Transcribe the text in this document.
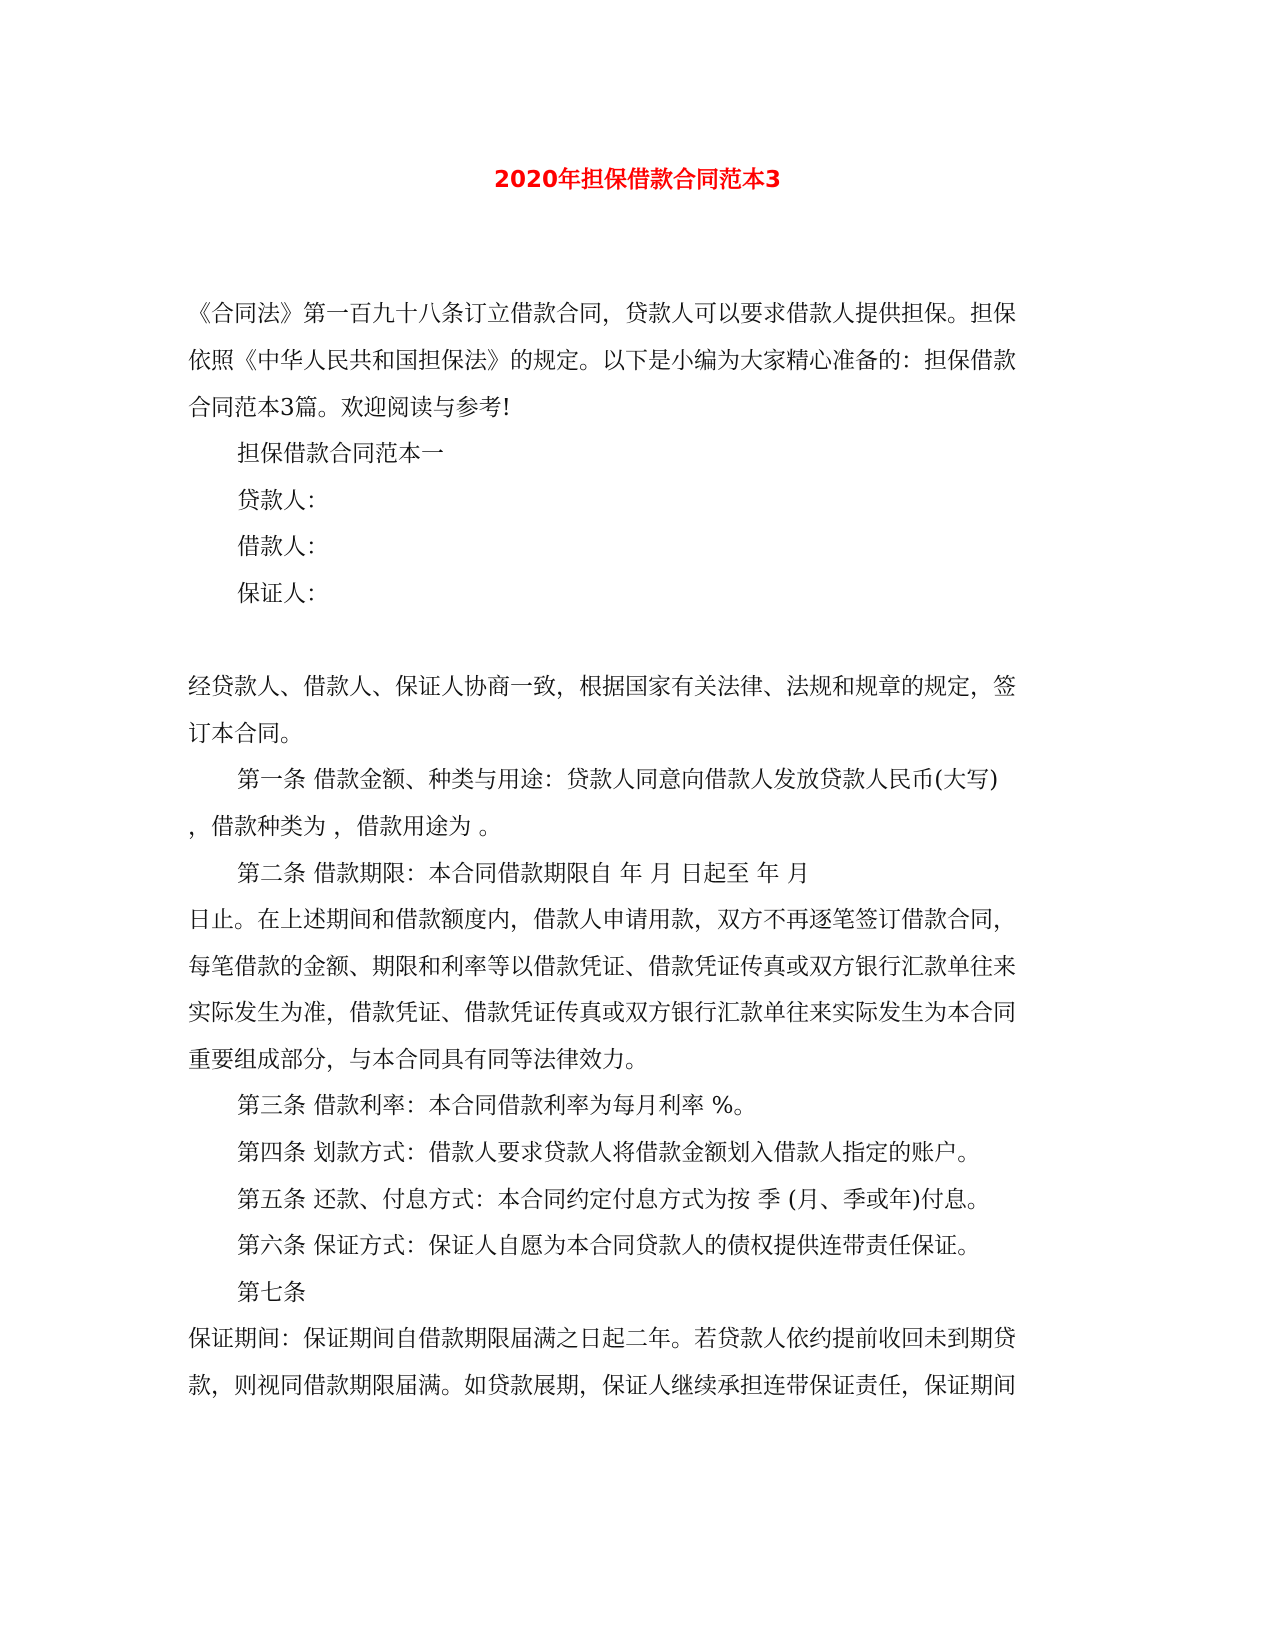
2020年担保借款合同范本3
《合同法》第一百九十八条订立借款合同，贷款人可以要求借款人提供担保。担保
依照《中华人民共和国担保法》的规定。以下是小编为大家精心准备的：担保借款
合同范本3篇。欢迎阅读与参考!
担保借款合同范本一
贷款人：
借款人：
保证人：
经贷款人、借款人、保证人协商一致，根据国家有关法律、法规和规章的规定，签
订本合同。
第一条 借款金额、种类与用途：贷款人同意向借款人发放贷款人民币(大写)
，借款种类为 ，借款用途为 。
第二条 借款期限：本合同借款期限自 年 月 日起至 年 月
日止。在上述期间和借款额度内，借款人申请用款，双方不再逐笔签订借款合同，
每笔借款的金额、期限和利率等以借款凭证、借款凭证传真或双方银行汇款单往来
实际发生为准，借款凭证、借款凭证传真或双方银行汇款单往来实际发生为本合同
重要组成部分，与本合同具有同等法律效力。
第三条 借款利率：本合同借款利率为每月利率 %。
第四条 划款方式：借款人要求贷款人将借款金额划入借款人指定的账户。
第五条 还款、付息方式：本合同约定付息方式为按 季 (月、季或年)付息。
第六条 保证方式：保证人自愿为本合同贷款人的债权提供连带责任保证。
第七条
保证期间：保证期间自借款期限届满之日起二年。若贷款人依约提前收回未到期贷
款，则视同借款期限届满。如贷款展期，保证人继续承担连带保证责任，保证期间
